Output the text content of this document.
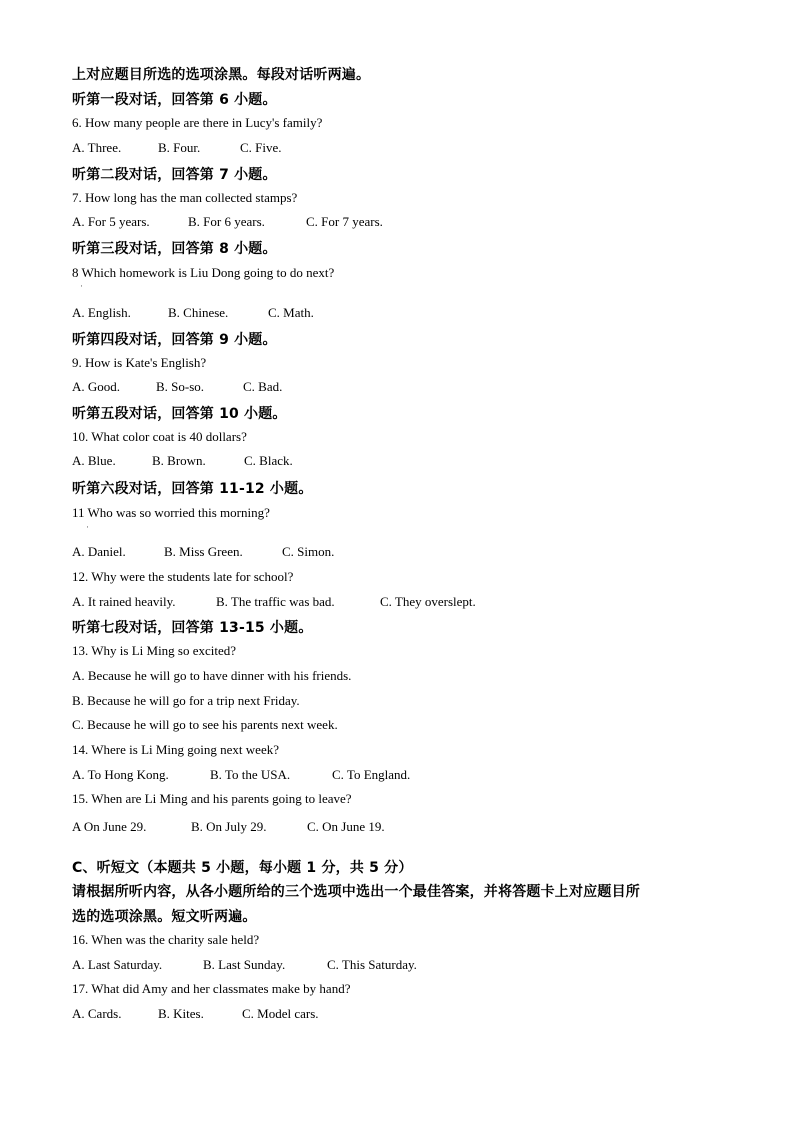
上对应题目所选的选项涂黑。每段对话听两遍。
听第一段对话，回答第 6 小题。
6. How many people are there in Lucy's family?
A. Three.	B. Four.	C. Five.
听第二段对话，回答第 7 小题。
7. How long has the man collected stamps?
A. For 5 years.	B. For 6 years.	C. For 7 years.
听第三段对话，回答第 8 小题。
8 Which homework is Liu Dong going to do next?
·
A. English.	B. Chinese.	C. Math.
听第四段对话，回答第 9 小题。
9. How is Kate's English?
A. Good.	B. So-so.	C. Bad.
听第五段对话，回答第 10 小题。
10. What color coat is 40 dollars?
A. Blue.	B. Brown.	C. Black.
听第六段对话，回答第 11-12 小题。
11 Who was so worried this morning?
·
A. Daniel.	B. Miss Green.	C. Simon.
12. Why were the students late for school?
A. It rained heavily.	B. The traffic was bad.	C. They overslept.
听第七段对话，回答第 13-15 小题。
13. Why is Li Ming so excited?
A. Because he will go to have dinner with his friends.
B. Because he will go for a trip next Friday.
C. Because he will go to see his parents next week.
14. Where is Li Ming going next week?
A. To Hong Kong.	B. To the USA.	C. To England.
15. When are Li Ming and his parents going to leave?
A On June 29.	B. On July 29.	C. On June 19.
C、听短文（本题共 5 小题，每小题 1 分，共 5 分）
请根据所听内容，从各小题所给的三个选项中选出一个最佳答案，并将答题卡上对应题目所
选的选项涂黑。短文听两遍。
16. When was the charity sale held?
A. Last Saturday.	B. Last Sunday.	C. This Saturday.
17. What did Amy and her classmates make by hand?
A. Cards.	B. Kites.	C. Model cars.
